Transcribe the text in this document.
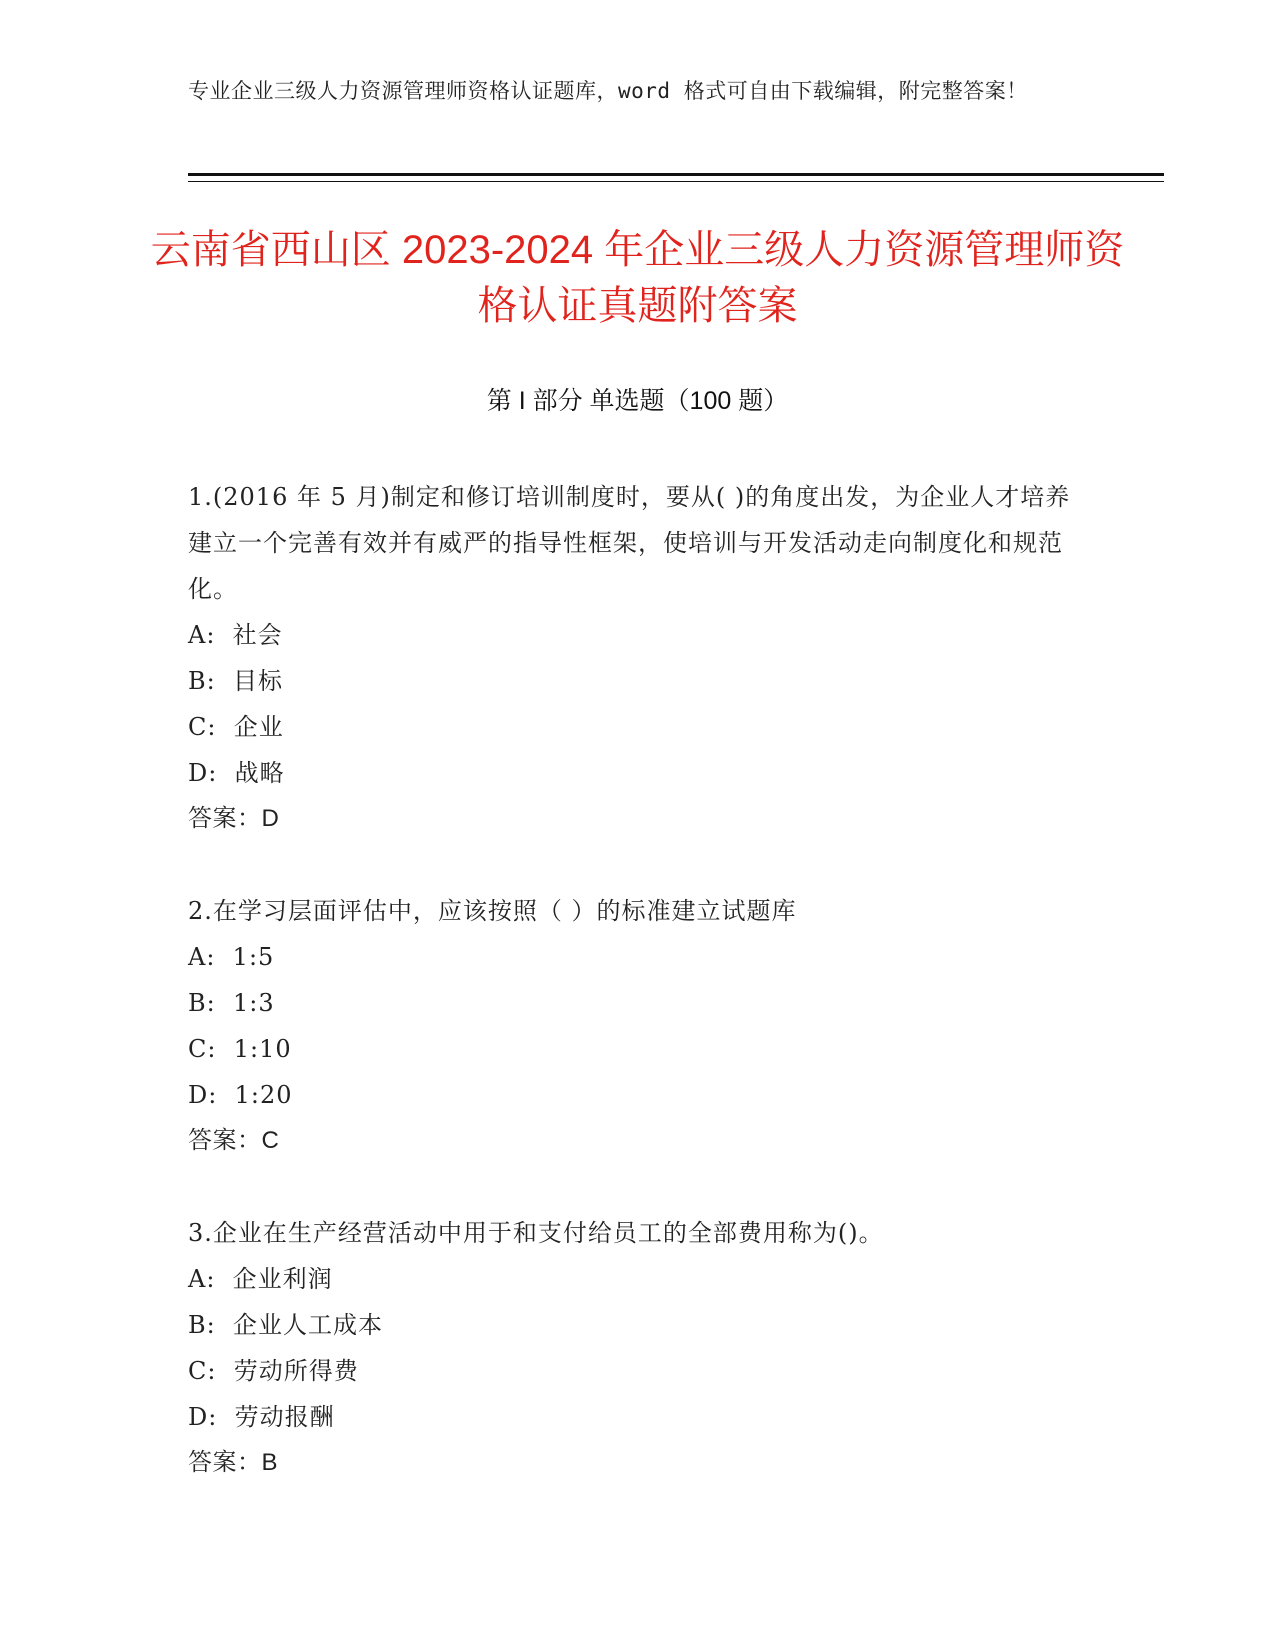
专业企业三级人力资源管理师资格认证题库，word 格式可自由下载编辑，附完整答案！
云南省西山区 2023-2024 年企业三级人力资源管理师资格认证真题附答案
第 I 部分 单选题（100 题）
1.(2016 年 5 月)制定和修订培训制度时，要从( )的角度出发，为企业人才培养建立一个完善有效并有威严的指导性框架，使培训与开发活动走向制度化和规范化。
A:  社会
B:  目标
C:  企业
D:  战略
答案：D
2.在学习层面评估中，应该按照（ ）的标准建立试题库
A:  1:5
B:  1:3
C:  1:10
D:  1:20
答案：C
3.企业在生产经营活动中用于和支付给员工的全部费用称为()。
A:  企业利润
B:  企业人工成本
C:  劳动所得费
D:  劳动报酬
答案：B
